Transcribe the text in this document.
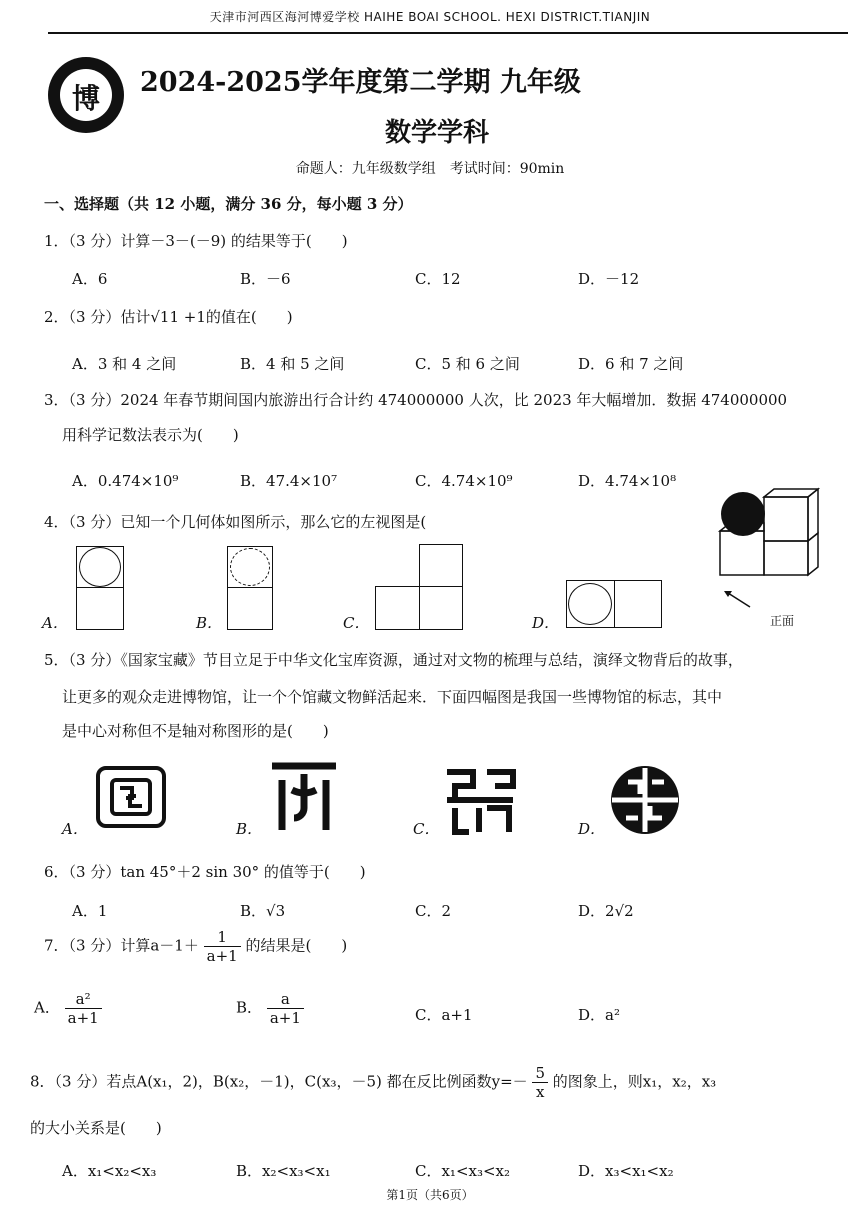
天津市河西区海河博爱学校 HAIHE BOAI SCHOOL. HEXI DISTRICT.TIANJIN
博	2024-2025学年度第二学期 九年级
数学学科
命题人：九年级数学组　考试时间：90min
一、选择题（共 12 小题，满分 36 分，每小题 3 分）
1．（3 分）计算－3－(－9) 的结果等于(　　)
A．6	B．－6	C．12	D．－12
2．（3 分）估计√11 +1的值在(　　)
A．3 和 4 之间	B．4 和 5 之间	C．5 和 6 之间	D．6 和 7 之间
3．（3 分）2024 年春节期间国内旅游出行合计约 474000000 人次，比 2023 年大幅增加．数据 474000000
用科学记数法表示为(　　)
A．0.474×10⁹	B．47.4×10⁷	C．4.74×10⁹	D．4.74×10⁸
4．（3 分）已知一个几何体如图所示，那么它的左视图是(
A．	B．	C．	D．	正面
5．（3 分）《国家宝藏》节目立足于中华文化宝库资源，通过对文物的梳理与总结，演绎文物背后的故事，
让更多的观众走进博物馆，让一个个馆藏文物鲜活起来．下面四幅图是我国一些博物馆的标志，其中
是中心对称但不是轴对称图形的是(　　)
A．	B．	C．	D．
6．（3 分）tan 45°＋2 sin 30° 的值等于(　　)
A．1	B．√3	C．2	D．2√2
7．（3 分）计算$a-1+ \frac{1}{a+1}$ 的结果是(　　)
A． $\frac{\text{a²}}{a+1}$	B． $\frac{a}{a+1}$	C．a+1	D．a²
8．（3 分）若点A(x₁，2)，B(x₂，－1)，C(x₃，－5) 都在反比例函数$y=- \frac{5}{x}$ 的图象上，则x₁，x₂，x₃
的大小关系是(　　)
A．x₁<x₂<x₃	B．x₂<x₃<x₁	C．x₁<x₃<x₂	D．x₃<x₁<x₂
第1页（共6页）
